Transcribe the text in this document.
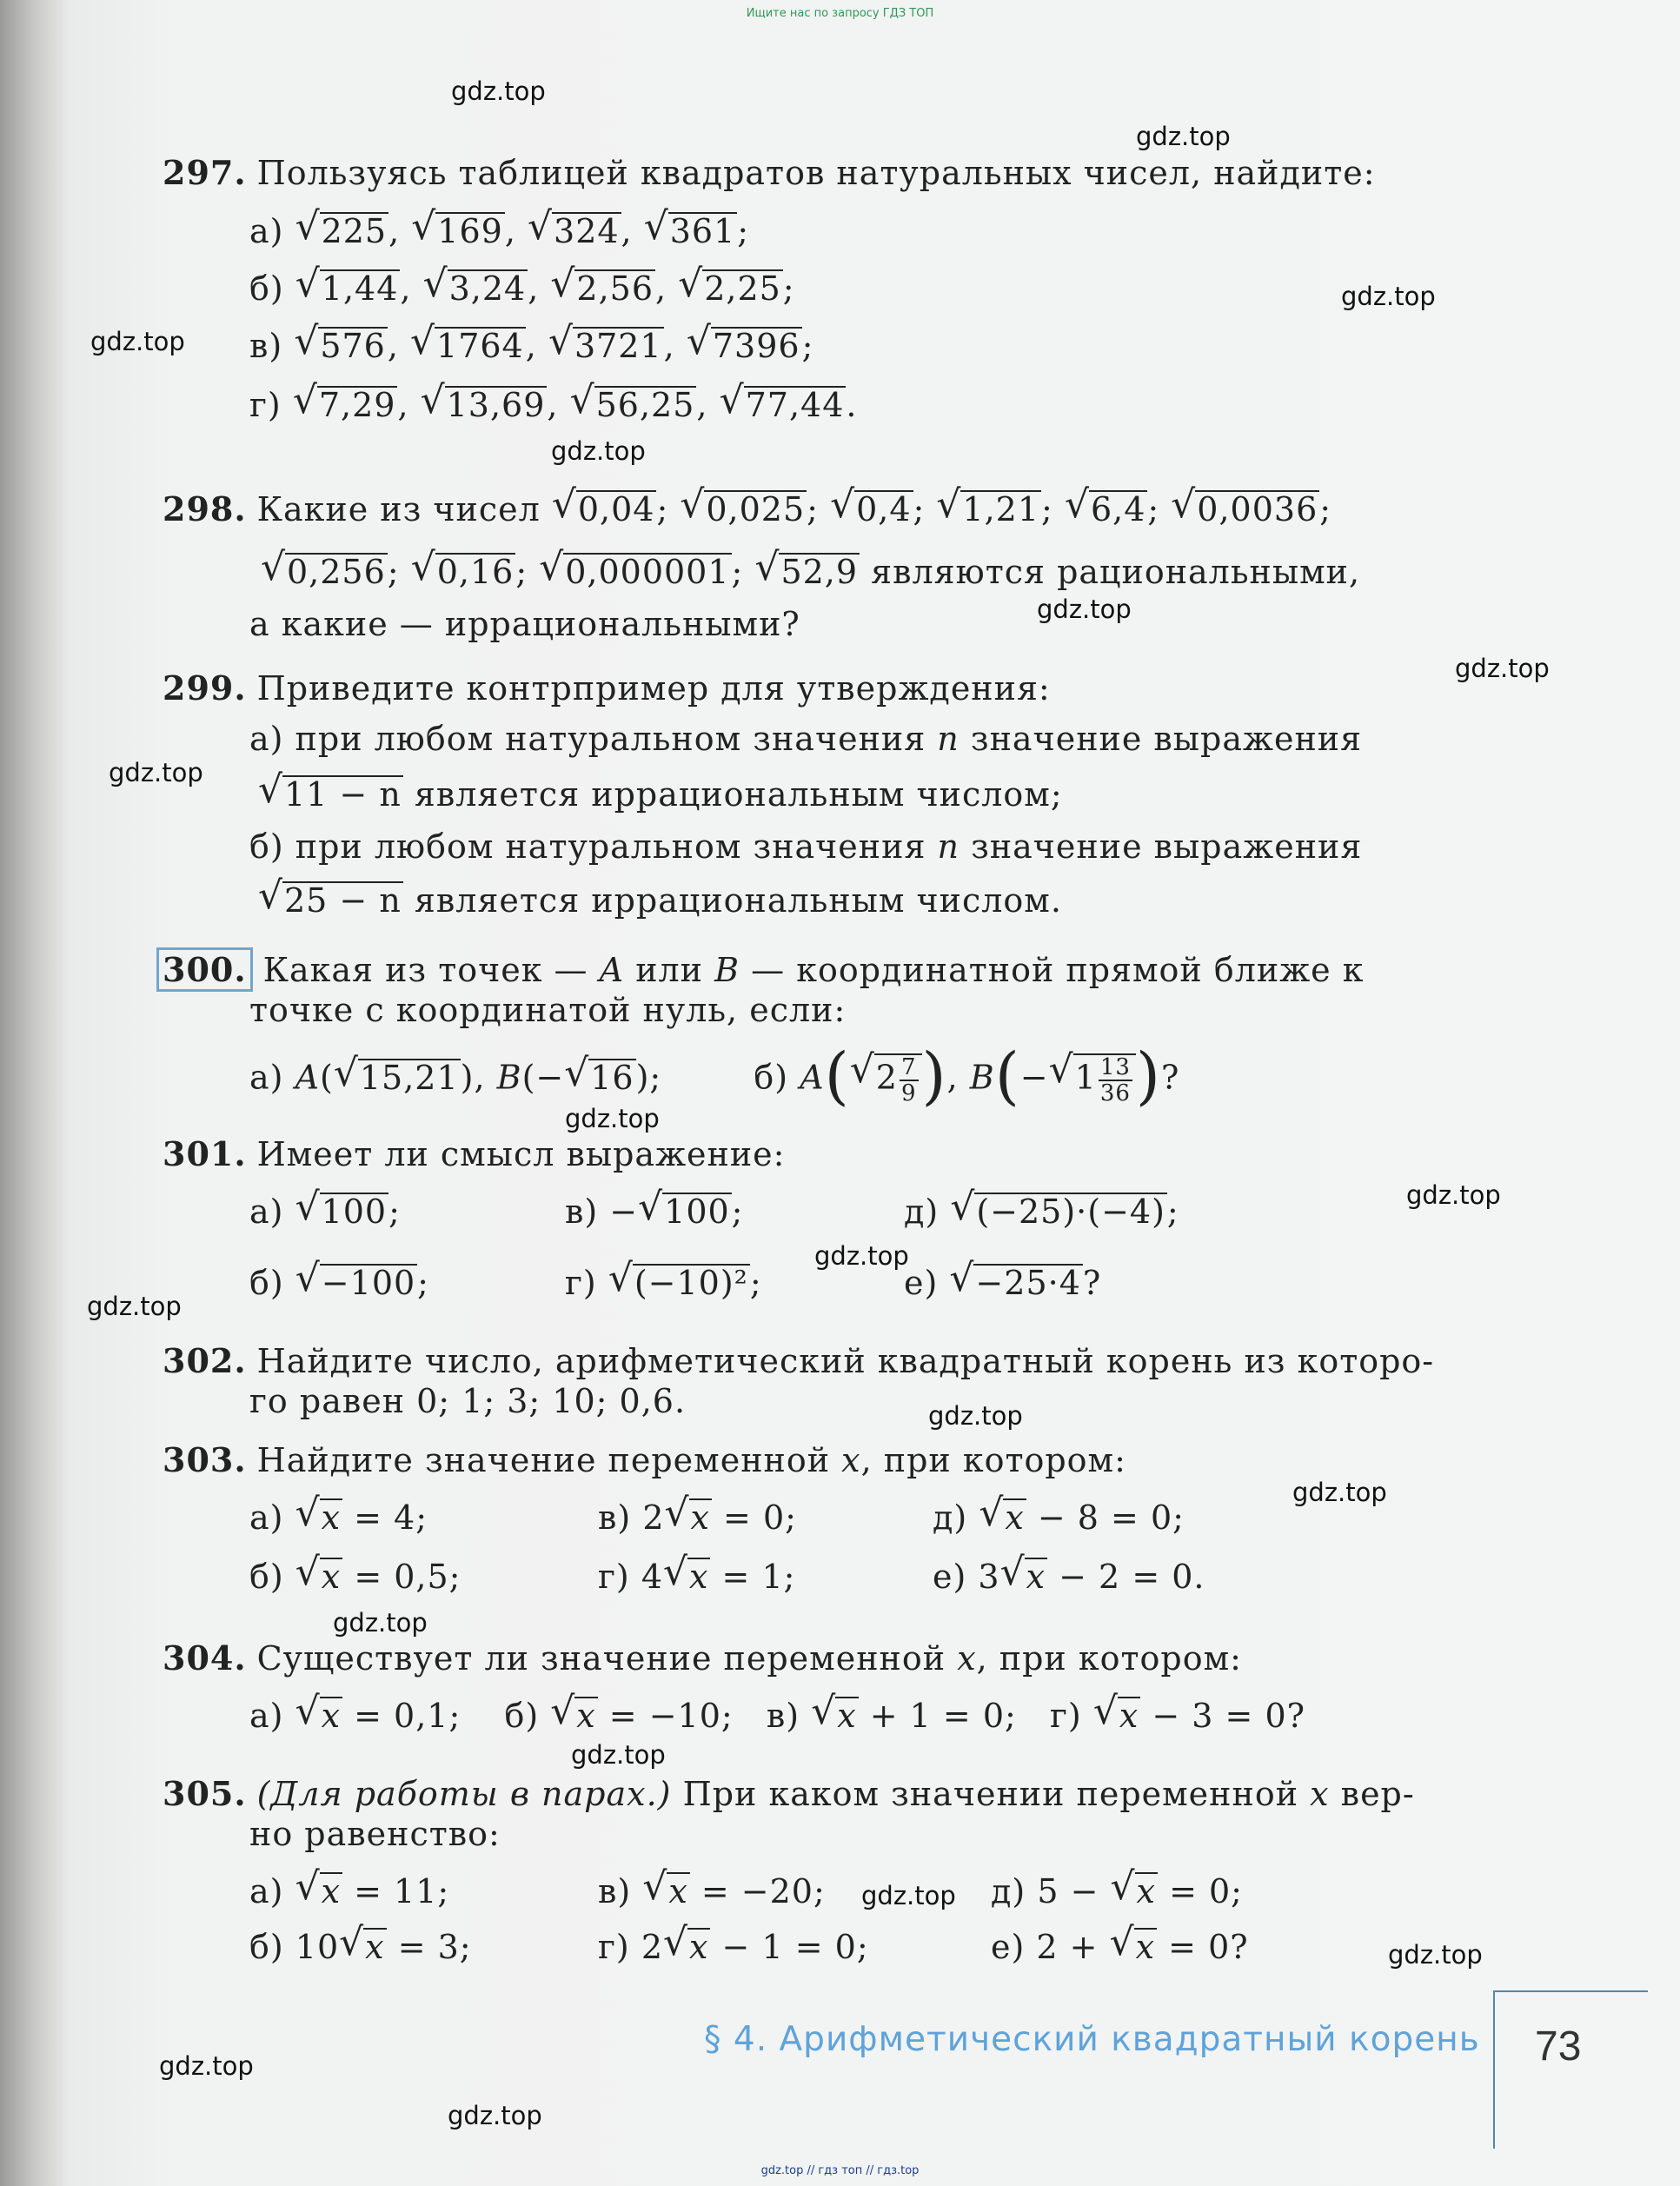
Ищите нас по запросу ГДЗ ТОП
gdz.top
gdz.top
gdz.top
gdz.top
gdz.top
gdz.top
gdz.top
gdz.top
gdz.top
gdz.top
gdz.top
gdz.top
gdz.top
gdz.top
gdz.top
gdz.top
gdz.top
gdz.top
gdz.top
gdz.top
297. Пользуясь таблицей квадратов натуральных чисел, найдите:
а) √ 225, √ 169, √ 324, √ 361;
б) √ 1,44, √ 3,24, √ 2,56, √ 2,25;
в) √ 576, √ 1764, √ 3721, √ 7396;
г) √ 7,29, √ 13,69, √ 56,25, √ 77,44.
298. Какие из чисел √ 0,04; √ 0,025; √ 0,4; √ 1,21; √ 6,4; √ 0,0036;
√ 0,256; √ 0,16; √ 0,000001; √ 52,9 являются рациональными,
а какие — иррациональными?
299. Приведите контрпример для утверждения:
а) при любом натуральном значения n значение выражения
√ 11 − n является иррациональным числом;
б) при любом натуральном значения n значение выражения
√ 25 − n является иррациональным числом.
300. Какая из точек — A или B — координатной прямой ближе к
точке с координатой нуль, если:
а) A( √ 15,21), B(− √ 16);  б) A( √ $2 \frac{7}{9}$ ), B(− √ $1 \frac{13}{36}$ )?
301. Имеет ли смысл выражение:
а) √ 100;	в) − √ 100;	д) √ (−25)·(−4);
б) √ −100;	г) √ (−10)²;	е) √ −25·4?
302. Найдите число, арифметический квадратный корень из которо-
го равен 0; 1; 3; 10; 0,6.
303. Найдите значение переменной x, при котором:
а) √ x = 4;	в) 2 √ x = 0;	д) √ x − 8 = 0;
б) √ x = 0,5;	г) 4 √ x = 1;	е) 3 √ x − 2 = 0.
304. Существует ли значение переменной x, при котором:
а) √ x = 0,1; б) √ x = −10; в) √ x + 1 = 0; г) √ x − 3 = 0?
305. (Для работы в парах.) При каком значении переменной x вер-
но равенство:
а) √ x = 11;	в) √ x = −20;	д) 5 − √ x = 0;
б) 10 √ x = 3;	г) 2 √ x − 1 = 0;	е) 2 + √ x = 0?
§ 4. Арифметический квадратный корень 73
gdz.top // гдз топ // гдз.top
